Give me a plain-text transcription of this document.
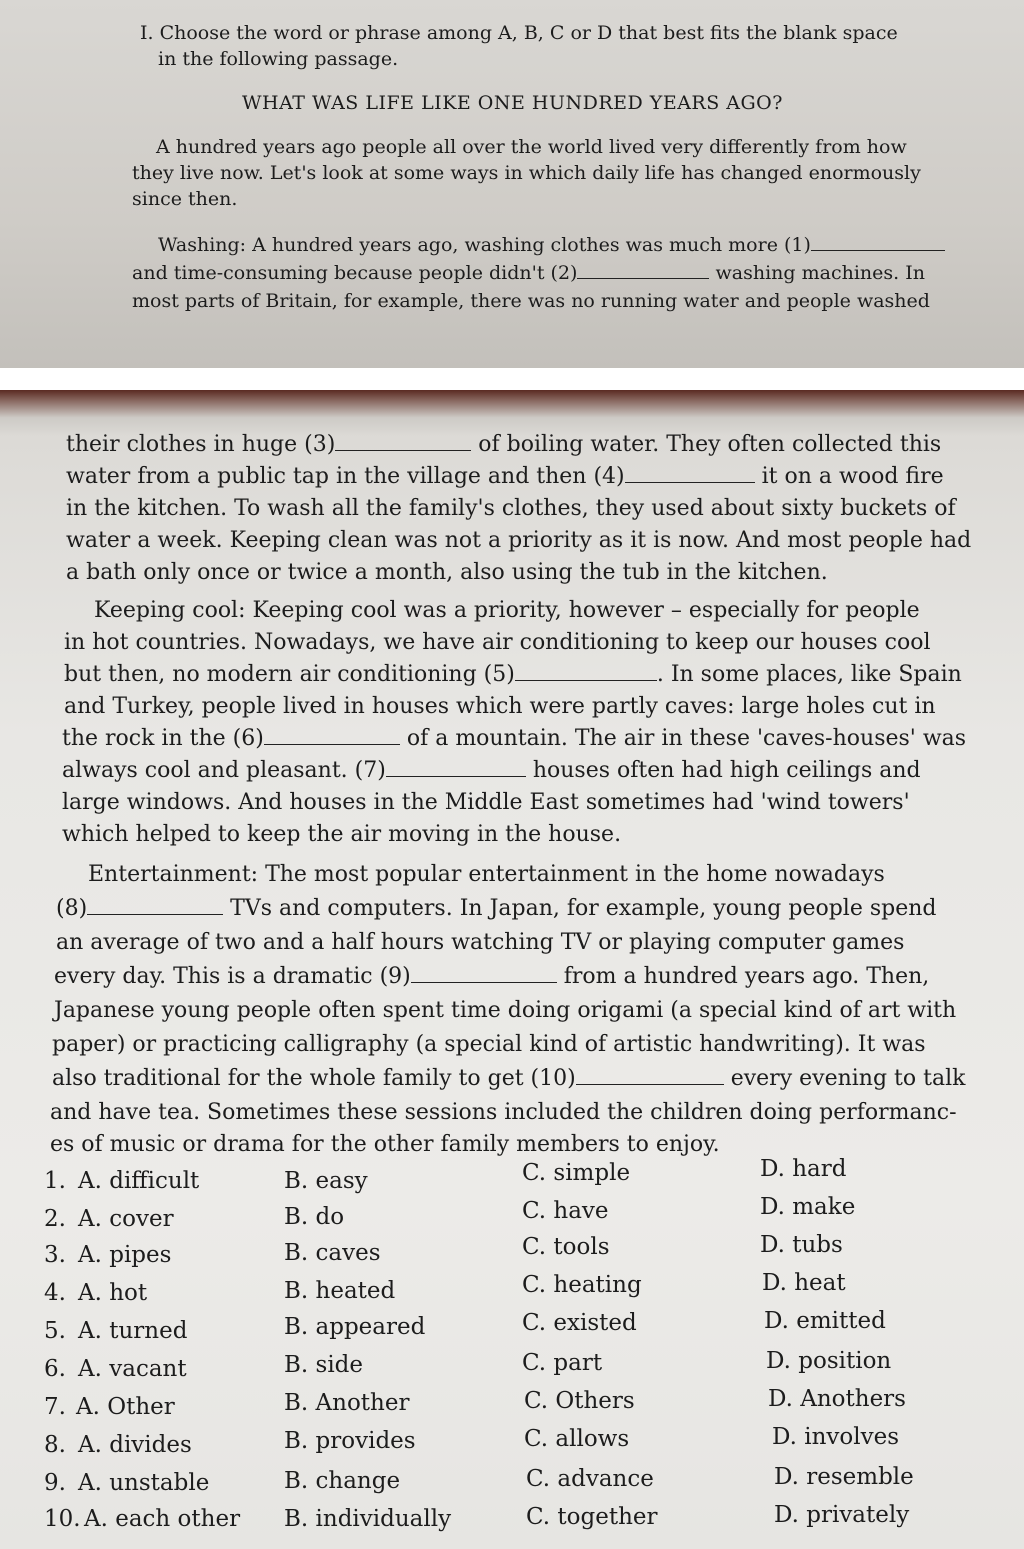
I. Choose the word or phrase among A, B, C or D that best fits the blank space
in the following passage.
WHAT WAS LIFE LIKE ONE HUNDRED YEARS AGO?
A hundred years ago people all over the world lived very differently from how
they live now. Let's look at some ways in which daily life has changed enormously
since then.
Washing: A hundred years ago, washing clothes was much more (1)
and time-consuming because people didn't (2)	washing machines. In
most parts of Britain, for example, there was no running water and people washed
their clothes in huge (3)	of boiling water. They often collected this
water from a public tap in the village and then (4)	it on a wood fire
in the kitchen. To wash all the family's clothes, they used about sixty buckets of
water a week. Keeping clean was not a priority as it is now. And most people had
a bath only once or twice a month, also using the tub in the kitchen.
Keeping cool: Keeping cool was a priority, however – especially for people
in hot countries. Nowadays, we have air conditioning to keep our houses cool
but then, no modern air conditioning (5)	. In some places, like Spain
and Turkey, people lived in houses which were partly caves: large holes cut in
the rock in the (6)	of a mountain. The air in these 'caves-houses' was
always cool and pleasant. (7)	houses often had high ceilings and
large windows. And houses in the Middle East sometimes had 'wind towers'
which helped to keep the air moving in the house.
Entertainment: The most popular entertainment in the home nowadays
(8)	TVs and computers. In Japan, for example, young people spend
an average of two and a half hours watching TV or playing computer games
every day. This is a dramatic (9)	from a hundred years ago. Then,
Japanese young people often spent time doing origami (a special kind of art with
paper) or practicing calligraphy (a special kind of artistic handwriting). It was
also traditional for the whole family to get (10)	every evening to talk
and have tea. Sometimes these sessions included the children doing performanc-
es of music or drama for the other family members to enjoy.
1. A. difficult	B. easy	C. simple	D. hard
2. A. cover	B. do	C. have	D. make
3. A. pipes	B. caves	C. tools	D. tubs
4. A. hot	B. heated	C. heating	D. heat
5. A. turned	B. appeared	C. existed	D. emitted
6. A. vacant	B. side	C. part	D. position
7. A. Other	B. Another	C. Others	D. Anothers
8. A. divides	B. provides	C. allows	D. involves
9. A. unstable	B. change	C. advance	D. resemble
10. A. each other B. individually	C. together	D. privately
